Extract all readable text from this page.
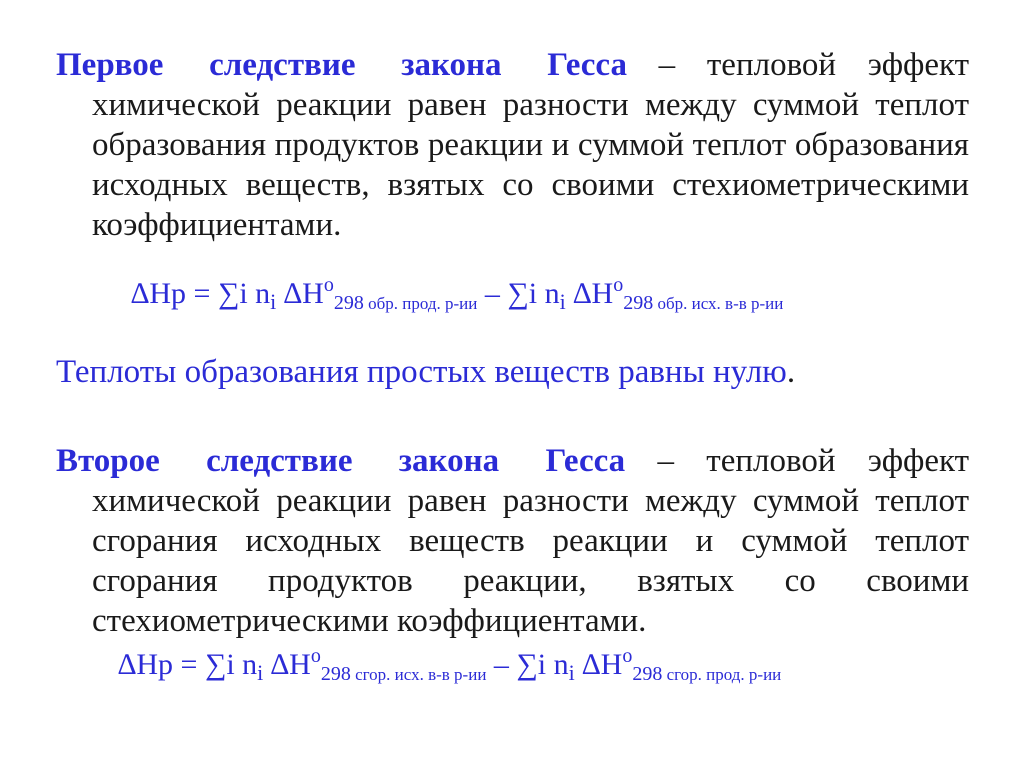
Первое следствие закона Гесса – тепловой эффект химической реакции равен разности между суммой теплот образования продуктов реакции и суммой теплот образования исходных веществ, взятых со своими стехиометрическими коэффициентами.

∆Hр = ∑i $n_i$ $\Delta H^o_{298}$ $_{обр. прод. р-ии}$ – ∑i $n_i$ $\Delta H^o_{298}$ $_{обр. исх. в-в р-ии}$
Теплоты образования простых веществ равны нулю.

Второе следствие закона Гесса – тепловой эффект химической реакции равен разности между суммой теплот сгорания исходных веществ реакции и суммой теплот сгорания продуктов реакции, взятых со своими стехиометрическими коэффициентами.

∆Hр = ∑i $n_i$ $\Delta H^o_{298}$ $_{сгор. исх. в-в р-ии}$ – ∑i $n_i$ $\Delta H^o_{298}$ $_{сгор. прод. р-ии}$
